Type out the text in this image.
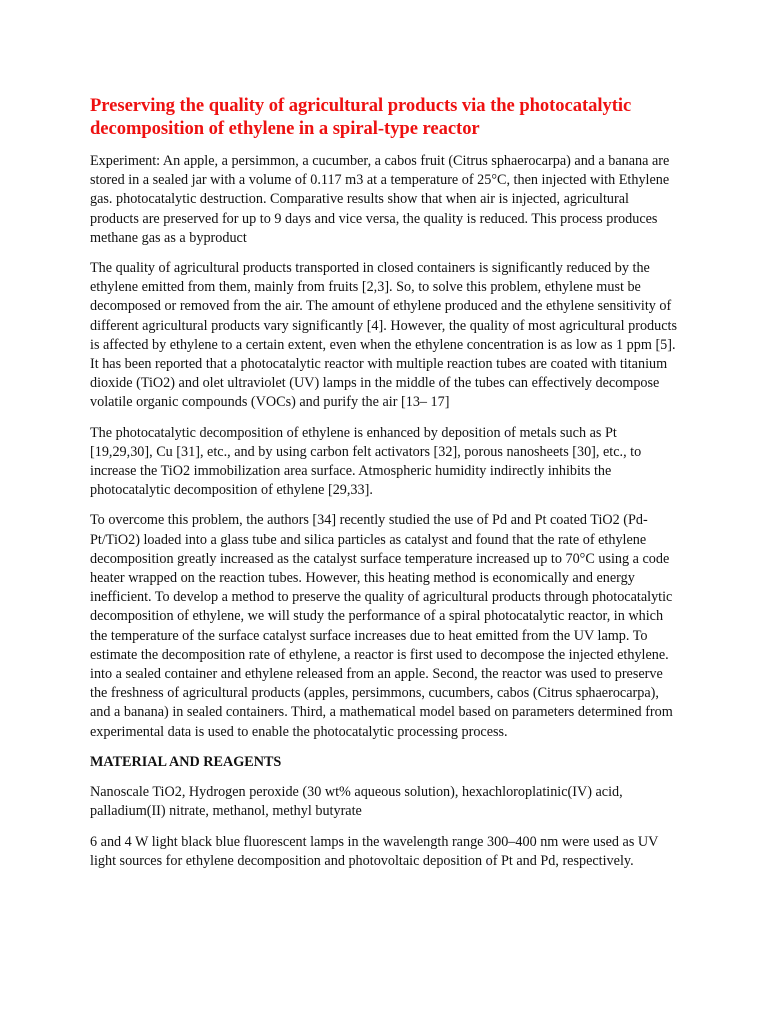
Preserving the quality of agricultural products via the photocatalytic decomposition of ethylene in a spiral-type reactor

Experiment: An apple, a persimmon, a cucumber, a cabos fruit (Citrus sphaerocarpa) and a banana are stored in a sealed jar with a volume of 0.117 m3 at a temperature of 25°C, then injected with Ethylene gas. photocatalytic destruction. Comparative results show that when air is injected, agricultural products are preserved for up to 9 days and vice versa, the quality is reduced. This process produces methane gas as a byproduct

The quality of agricultural products transported in closed containers is significantly reduced by the ethylene emitted from them, mainly from fruits [2,3]. So, to solve this problem, ethylene must be decomposed or removed from the air. The amount of ethylene produced and the ethylene sensitivity of different agricultural products vary significantly [4]. However, the quality of most agricultural products is affected by ethylene to a certain extent, even when the ethylene concentration is as low as 1 ppm [5]. It has been reported that a photocatalytic reactor with multiple reaction tubes are coated with titanium dioxide (TiO2) and olet ultraviolet (UV) lamps in the middle of the tubes can effectively decompose volatile organic compounds (VOCs) and purify the air [13– 17]

The photocatalytic decomposition of ethylene is enhanced by deposition of metals such as Pt [19,29,30], Cu [31], etc., and by using carbon felt activators [32], porous nanosheets [30], etc., to increase the TiO2 immobilization area surface. Atmospheric humidity indirectly inhibits the photocatalytic decomposition of ethylene [29,33].

To overcome this problem, the authors [34] recently studied the use of Pd and Pt coated TiO2 (Pd-Pt/TiO2) loaded into a glass tube and silica particles as catalyst and found that the rate of ethylene decomposition greatly increased as the catalyst surface temperature increased up to 70°C using a code heater wrapped on the reaction tubes. However, this heating method is economically and energy inefficient. To develop a method to preserve the quality of agricultural products through photocatalytic decomposition of ethylene, we will study the performance of a spiral photocatalytic reactor, in which the temperature of the surface catalyst surface increases due to heat emitted from the UV lamp. To estimate the decomposition rate of ethylene, a reactor is first used to decompose the injected ethylene. into a sealed container and ethylene released from an apple. Second, the reactor was used to preserve the freshness of agricultural products (apples, persimmons, cucumbers, cabos (Citrus sphaerocarpa), and a banana) in sealed containers. Third, a mathematical model based on parameters determined from experimental data is used to enable the photocatalytic processing process.

MATERIAL AND REAGENTS

Nanoscale TiO2, Hydrogen peroxide (30 wt% aqueous solution), hexachloroplatinic(IV) acid, palladium(II) nitrate, methanol, methyl butyrate

6 and 4 W light black blue fluorescent lamps in the wavelength range 300–400 nm were used as UV light sources for ethylene decomposition and photovoltaic deposition of Pt and Pd, respectively.
